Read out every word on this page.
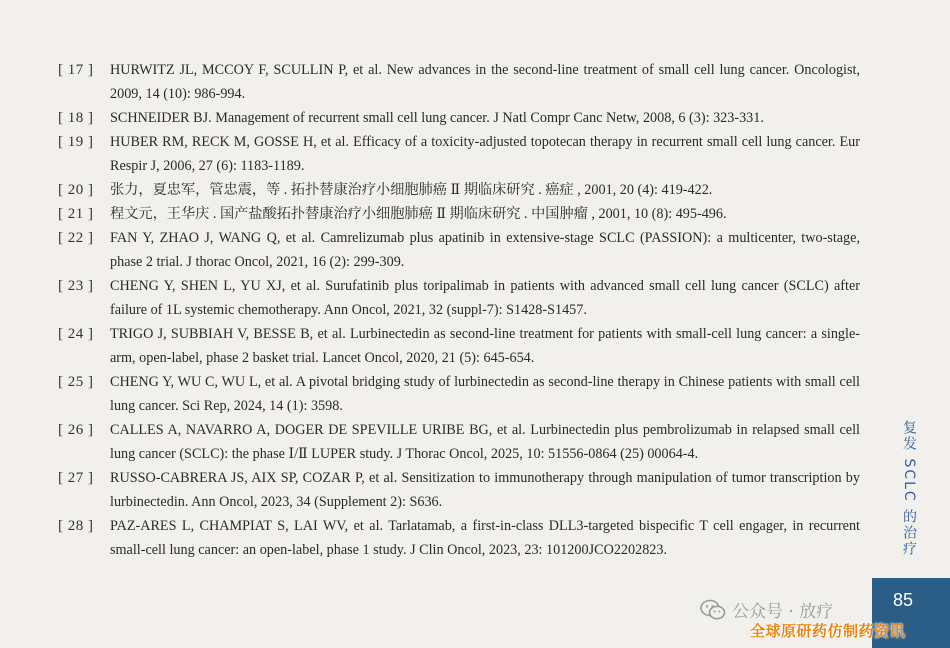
[ 17 ]	HURWITZ JL, MCCOY F, SCULLIN P, et al. New advances in the second-line treatment of small cell lung cancer. Oncologist, 2009, 14 (10): 986-994.
[ 18 ]	SCHNEIDER BJ. Management of recurrent small cell lung cancer. J Natl Compr Canc Netw, 2008, 6 (3): 323-331.
[ 19 ]	HUBER RM, RECK M, GOSSE H, et al. Efficacy of a toxicity-adjusted topotecan therapy in recurrent small cell lung cancer. Eur Respir J, 2006, 27 (6): 1183-1189.
[ 20 ]	张力，夏忠军，管忠震，等 . 拓扑替康治疗小细胞肺癌 Ⅱ 期临床研究 . 癌症 , 2001, 20 (4): 419-422.
[ 21 ]	程文元，王华庆 . 国产盐酸拓扑替康治疗小细胞肺癌 Ⅱ 期临床研究 . 中国肿瘤 , 2001, 10 (8): 495-496.
[ 22 ]	FAN Y, ZHAO J, WANG Q, et al. Camrelizumab plus apatinib in extensive-stage SCLC (PASSION): a multicenter, two-stage, phase 2 trial. J thorac Oncol, 2021, 16 (2): 299-309.
[ 23 ]	CHENG Y, SHEN L, YU XJ, et al. Surufatinib plus toripalimab in patients with advanced small cell lung cancer (SCLC) after failure of 1L systemic chemotherapy. Ann Oncol, 2021, 32 (suppl-7): S1428-S1457.
[ 24 ]	TRIGO J, SUBBIAH V, BESSE B, et al. Lurbinectedin as second-line treatment for patients with small-cell lung cancer: a single-arm, open-label, phase 2 basket trial. Lancet Oncol, 2020, 21 (5): 645-654.
[ 25 ]	CHENG Y, WU C, WU L, et al. A pivotal bridging study of lurbinectedin as second-line therapy in Chinese patients with small cell lung cancer. Sci Rep, 2024, 14 (1): 3598.
[ 26 ]	CALLES A, NAVARRO A, DOGER DE SPEVILLE URIBE BG, et al. Lurbinectedin plus pembrolizumab in relapsed small cell lung cancer (SCLC): the phase Ⅰ/Ⅱ LUPER study. J Thorac Oncol, 2025, 10: 51556-0864 (25) 00064-4.
[ 27 ]	RUSSO-CABRERA JS, AIX SP, COZAR P, et al. Sensitization to immunotherapy through manipulation of tumor transcription by lurbinectedin. Ann Oncol, 2023, 34 (Supplement 2): S636.
[ 28 ]	PAZ-ARES L, CHAMPIAT S, LAI WV, et al. Tarlatamab, a first-in-class DLL3-targeted bispecific T cell engager, in recurrent small-cell lung cancer: an open-label, phase 1 study. J Clin Oncol, 2023, 23: 101200JCO2202823.	复发 SCLC 的治疗
85
公众号 · 放疗
全球原研药仿制药资讯
